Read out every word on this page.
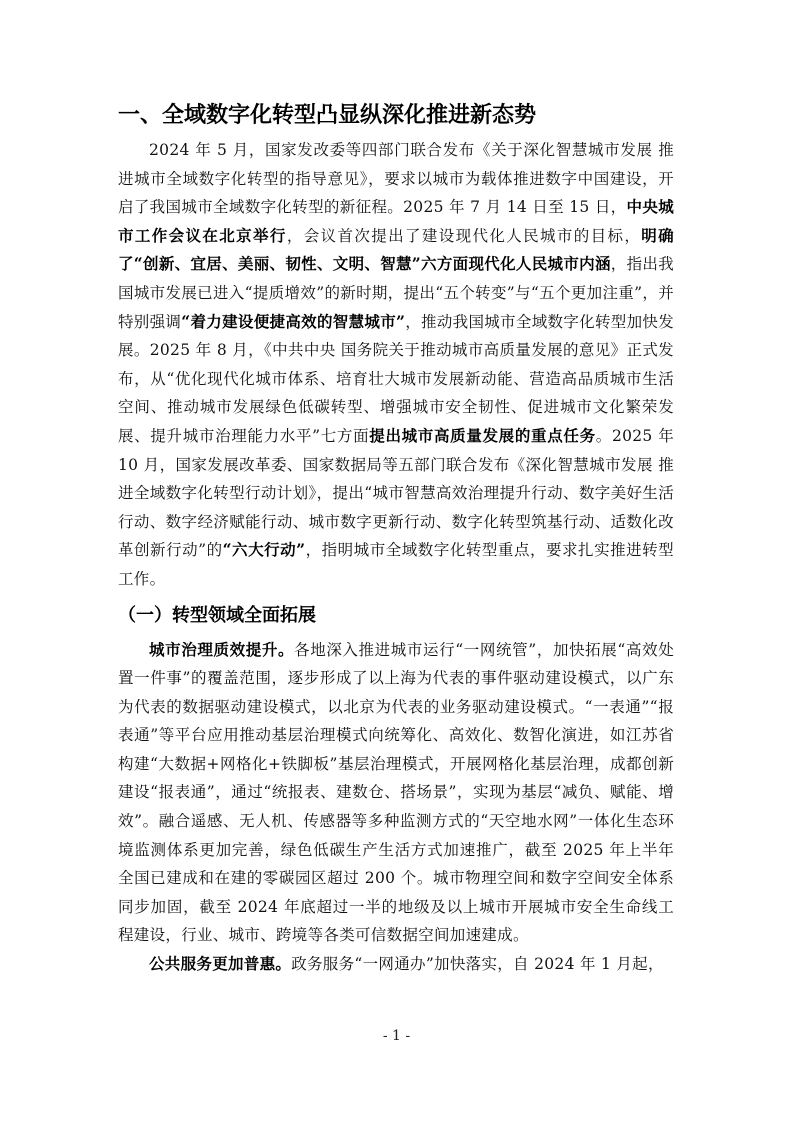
一、全域数字化转型凸显纵深化推进新态势

2024 年 5 月，国家发改委等四部门联合发布《关于深化智慧城市发展 推进城市全域数字化转型的指导意见》，要求以城市为载体推进数字中国建设，开启了我国城市全域数字化转型的新征程。2025 年 7 月 14 日至 15 日，中央城市工作会议在北京举行，会议首次提出了建设现代化人民城市的目标，明确了“创新、宜居、美丽、韧性、文明、智慧”六方面现代化人民城市内涵，指出我国城市发展已进入“提质增效”的新时期，提出“五个转变”与“五个更加注重”，并特别强调“着力建设便捷高效的智慧城市”，推动我国城市全域数字化转型加快发展。2025 年 8 月，《中共中央 国务院关于推动城市高质量发展的意见》正式发布，从“优化现代化城市体系、培育壮大城市发展新动能、营造高品质城市生活空间、推动城市发展绿色低碳转型、增强城市安全韧性、促进城市文化繁荣发展、提升城市治理能力水平”七方面提出城市高质量发展的重点任务。2025 年 10 月，国家发展改革委、国家数据局等五部门联合发布《深化智慧城市发展 推进全域数字化转型行动计划》，提出“城市智慧高效治理提升行动、数字美好生活行动、数字经济赋能行动、城市数字更新行动、数字化转型筑基行动、适数化改革创新行动”的“六大行动”，指明城市全域数字化转型重点，要求扎实推进转型工作。

（一）转型领域全面拓展

城市治理质效提升。各地深入推进城市运行“一网统管”，加快拓展“高效处置一件事”的覆盖范围，逐步形成了以上海为代表的事件驱动建设模式，以广东为代表的数据驱动建设模式，以北京为代表的业务驱动建设模式。“一表通”“报表通”等平台应用推动基层治理模式向统筹化、高效化、数智化演进，如江苏省构建“大数据+网格化+铁脚板”基层治理模式，开展网格化基层治理，成都创新建设“报表通”，通过“统报表、建数仓、搭场景”，实现为基层“减负、赋能、增效”。融合遥感、无人机、传感器等多种监测方式的“天空地水网”一体化生态环境监测体系更加完善，绿色低碳生产生活方式加速推广，截至 2025 年上半年全国已建成和在建的零碳园区超过 200 个。城市物理空间和数字空间安全体系同步加固，截至 2024 年底超过一半的地级及以上城市开展城市安全生命线工程建设，行业、城市、跨境等各类可信数据空间加速建成。

公共服务更加普惠。政务服务“一网通办”加快落实，自 2024 年 1 月起，

- 1 -
